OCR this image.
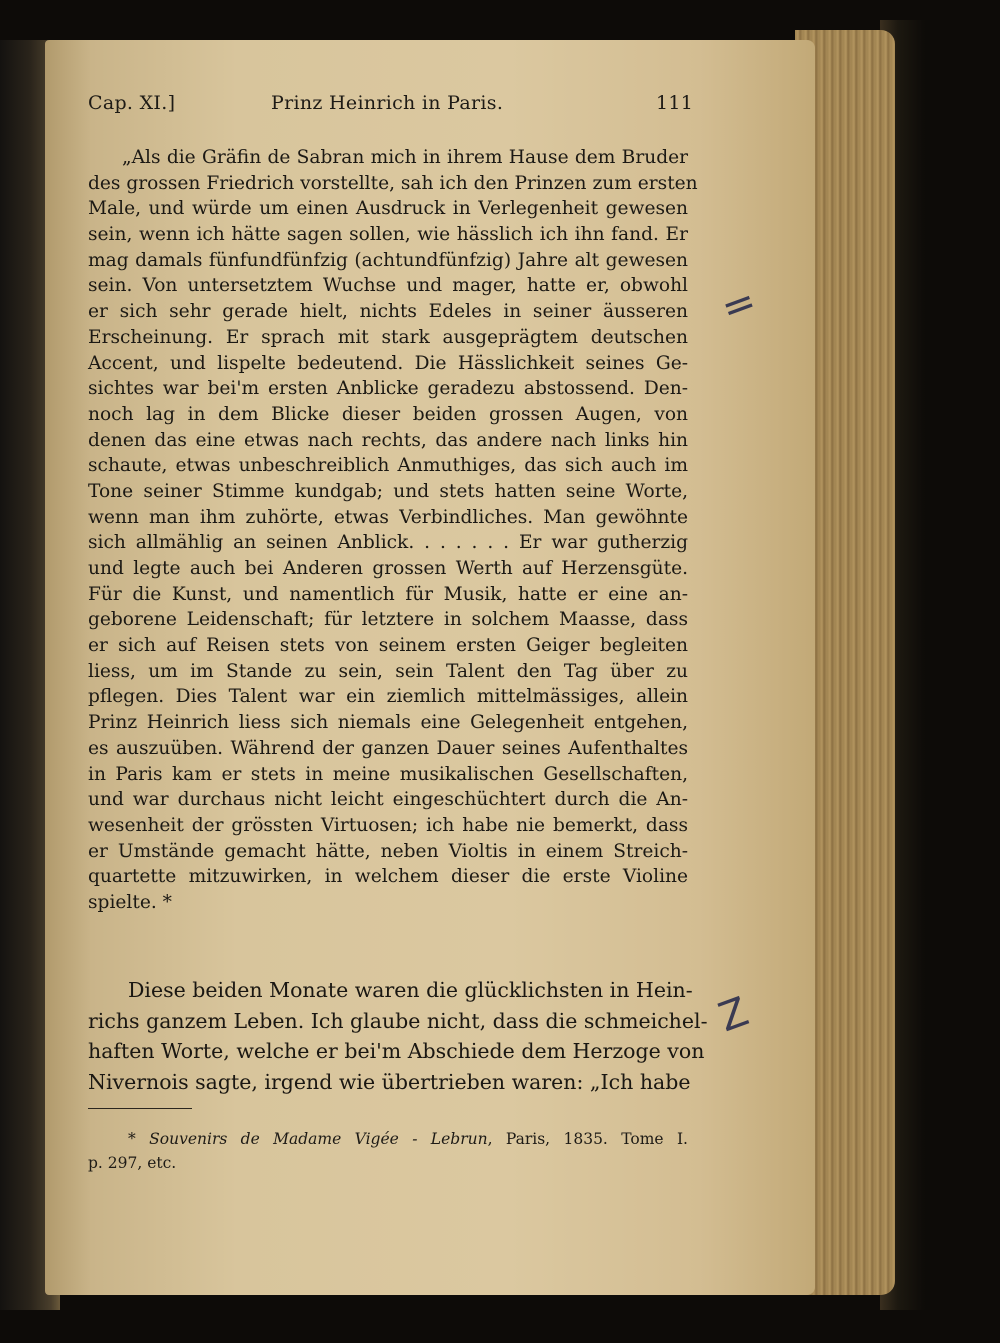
Cap. XI.]	Prinz Heinrich in Paris.	111
„Als die Gräfin de Sabran mich in ihrem Hause dem Bruder
des grossen Friedrich vorstellte, sah ich den Prinzen zum ersten
Male, und würde um einen Ausdruck in Verlegenheit gewesen
sein, wenn ich hätte sagen sollen, wie hässlich ich ihn fand. Er
mag damals fünfundfünfzig (achtundfünfzig) Jahre alt gewesen
sein. Von untersetztem Wuchse und mager, hatte er, obwohl
er sich sehr gerade hielt, nichts Edeles in seiner äusseren
Erscheinung. Er sprach mit stark ausgeprägtem deutschen
Accent, und lispelte bedeutend. Die Hässlichkeit seines Ge-
sichtes war bei'm ersten Anblicke geradezu abstossend. Den-
noch lag in dem Blicke dieser beiden grossen Augen, von
denen das eine etwas nach rechts, das andere nach links hin
schaute, etwas unbeschreiblich Anmuthiges, das sich auch im
Tone seiner Stimme kundgab; und stets hatten seine Worte,
wenn man ihm zuhörte, etwas Verbindliches. Man gewöhnte
sich allmählig an seinen Anblick. . . . . . . Er war gutherzig
und legte auch bei Anderen grossen Werth auf Herzensgüte.
Für die Kunst, und namentlich für Musik, hatte er eine an-
geborene Leidenschaft; für letztere in solchem Maasse, dass
er sich auf Reisen stets von seinem ersten Geiger begleiten
liess, um im Stande zu sein, sein Talent den Tag über zu
pflegen. Dies Talent war ein ziemlich mittelmässiges, allein
Prinz Heinrich liess sich niemals eine Gelegenheit entgehen,
es auszuüben. Während der ganzen Dauer seines Aufenthaltes
in Paris kam er stets in meine musikalischen Gesellschaften,
und war durchaus nicht leicht eingeschüchtert durch die An-
wesenheit der grössten Virtuosen; ich habe nie bemerkt, dass
er Umstände gemacht hätte, neben Violtis in einem Streich-
quartette mitzuwirken, in welchem dieser die erste Violine
spielte. *
Diese beiden Monate waren die glücklichsten in Hein-
richs ganzem Leben. Ich glaube nicht, dass die schmeichel-
haften Worte, welche er bei'm Abschiede dem Herzoge von
Nivernois sagte, irgend wie übertrieben waren: „Ich habe
* Souvenirs de Madame Vigée - Lebrun, Paris, 1835. Tome I.
p. 297, etc.
=
Z
